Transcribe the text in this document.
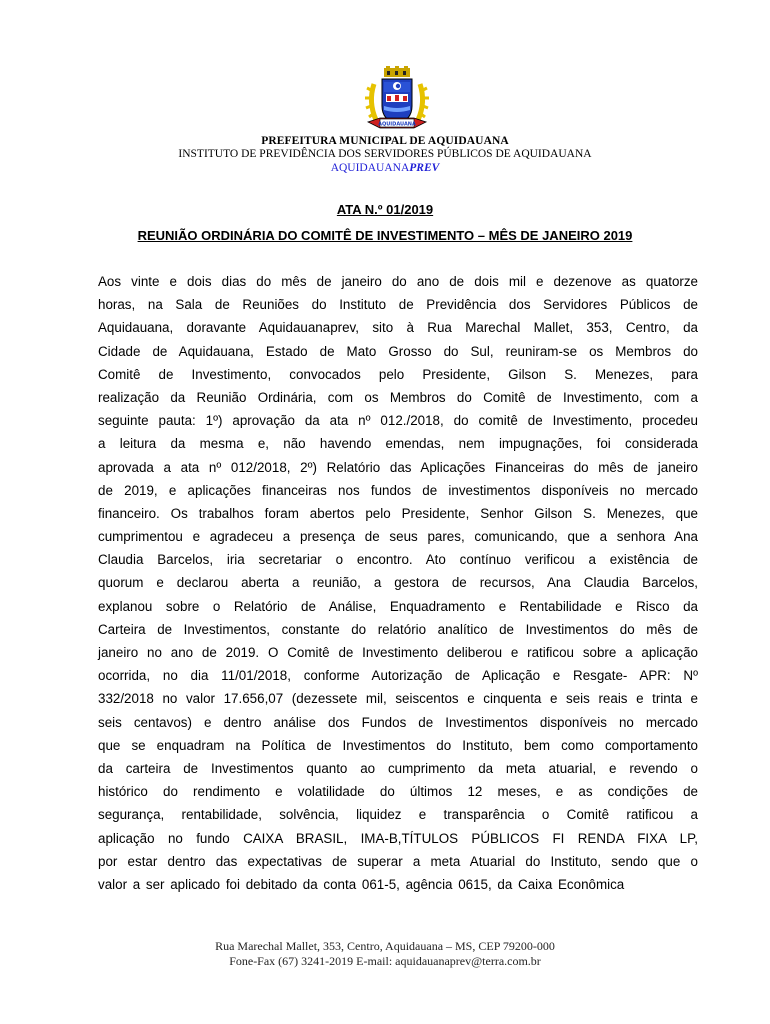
AQUIDAUANA
PREFEITURA MUNICIPAL DE AQUIDAUANA
INSTITUTO DE PREVIDÊNCIA DOS SERVIDORES PÚBLICOS DE AQUIDAUANA
AQUIDAUANAPREV
ATA N.º 01/2019
REUNIÃO ORDINÁRIA DO COMITÊ DE INVESTIMENTO – MÊS DE JANEIRO 2019
Aos vinte e dois dias do mês de janeiro do ano de dois mil e dezenove as quatorze
horas, na Sala de Reuniões do Instituto de Previdência dos Servidores Públicos de
Aquidauana, doravante Aquidauanaprev, sito à Rua Marechal Mallet, 353, Centro, da
Cidade de Aquidauana, Estado de Mato Grosso do Sul, reuniram-se os Membros do
Comitê de Investimento, convocados pelo Presidente, Gilson S. Menezes, para
realização da Reunião Ordinária, com os Membros do Comitê de Investimento, com a
seguinte pauta: 1º) aprovação da ata nº 012./2018, do comitê de Investimento, procedeu
a leitura da mesma e, não havendo emendas, nem impugnações, foi considerada
aprovada a ata nº 012/2018, 2º) Relatório das Aplicações Financeiras do mês de janeiro
de 2019, e aplicações financeiras nos fundos de investimentos disponíveis no mercado
financeiro. Os trabalhos foram abertos pelo Presidente, Senhor Gilson S. Menezes, que
cumprimentou e agradeceu a presença de seus pares, comunicando, que a senhora Ana
Claudia Barcelos, iria secretariar o encontro. Ato contínuo verificou a existência de
quorum e declarou aberta a reunião, a gestora de recursos, Ana Claudia Barcelos,
explanou sobre o Relatório de Análise, Enquadramento e Rentabilidade e Risco da
Carteira de Investimentos, constante do relatório analítico de Investimentos do mês de
janeiro no ano de 2019. O Comitê de Investimento deliberou e ratificou sobre a aplicação
ocorrida, no dia 11/01/2018, conforme Autorização de Aplicação e Resgate- APR: Nº
332/2018 no valor 17.656,07 (dezessete mil, seiscentos e cinquenta e seis reais e trinta e
seis centavos) e dentro análise dos Fundos de Investimentos disponíveis no mercado
que se enquadram na Política de Investimentos do Instituto, bem como comportamento
da carteira de Investimentos quanto ao cumprimento da meta atuarial, e revendo o
histórico do rendimento e volatilidade do últimos 12 meses, e as condições de
segurança, rentabilidade, solvência, liquidez e transparência o Comitê ratificou a
aplicação no fundo CAIXA BRASIL, IMA-B,TÍTULOS PÚBLICOS FI RENDA FIXA LP,
por estar dentro das expectativas de superar a meta Atuarial do Instituto, sendo que o
valor a ser aplicado foi debitado da conta 061-5, agência 0615, da Caixa Econômica
Rua Marechal Mallet, 353, Centro, Aquidauana – MS, CEP 79200-000
Fone-Fax (67) 3241-2019 E-mail: aquidauanaprev@terra.com.br
